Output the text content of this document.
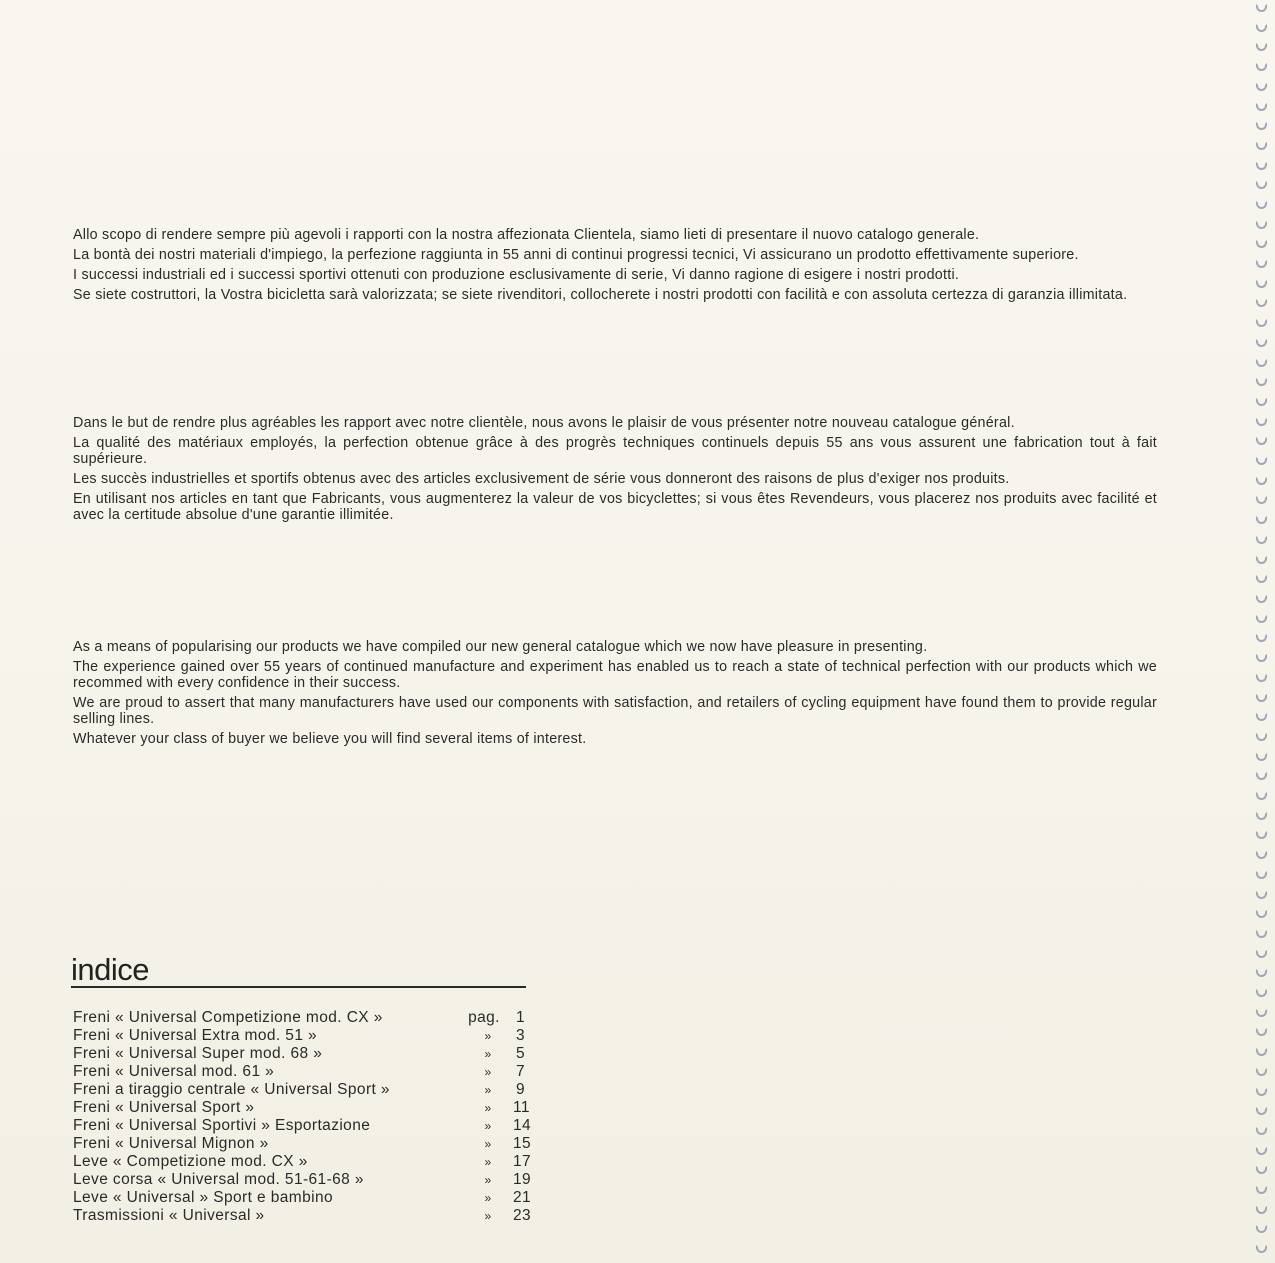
Allo scopo di rendere sempre più agevoli i rapporti con la nostra affezionata Clientela, siamo lieti di presentare il nuovo catalogo generale.

La bontà dei nostri materiali d'impiego, la perfezione raggiunta in 55 anni di continui progressi tecnici, Vi assicurano un prodotto effettivamente superiore.

I successi industriali ed i successi sportivi ottenuti con produzione esclusivamente di serie, Vi danno ragione di esigere i nostri prodotti.

Se siete costruttori, la Vostra bicicletta sarà valorizzata; se siete rivenditori, collocherete i nostri prodotti con facilità e con assoluta certezza di garanzia illimitata.

Dans le but de rendre plus agréables les rapport avec notre clientèle, nous avons le plaisir de vous présenter notre nouveau catalogue général.

La qualité des matériaux employés, la perfection obtenue grâce à des progrès techniques continuels depuis 55 ans vous assurent une fabrication tout à fait supérieure.

Les succès industrielles et sportifs obtenus avec des articles exclusivement de série vous donneront des raisons de plus d'exiger nos produits.

En utilisant nos articles en tant que Fabricants, vous augmenterez la valeur de vos bicyclettes; si vous êtes Revendeurs, vous placerez nos produits avec facilité et avec la certitude absolue d'une garantie illimitée.

As a means of popularising our products we have compiled our new general catalogue which we now have pleasure in presenting.

The experience gained over 55 years of continued manufacture and experiment has enabled us to reach a state of technical perfection with our products which we recommed with every confidence in their success.

We are proud to assert that many manufacturers have used our components with satisfaction, and retailers of cycling equipment have found them to provide regular selling lines.

Whatever your class of buyer we believe you will find several items of interest.

indice
Freni « Universal Competizione mod. CX »	pag.	1
Freni « Universal Extra mod. 51 »	»	3
Freni « Universal Super mod. 68 »	»	5
Freni « Universal mod. 61 »	»	7
Freni a tiraggio centrale « Universal Sport »	»	9
Freni « Universal Sport »	»	11
Freni « Universal Sportivi » Esportazione	»	14
Freni « Universal Mignon »	»	15
Leve « Competizione mod. CX »	»	17
Leve corsa « Universal mod. 51-61-68 »	»	19
Leve « Universal » Sport e bambino	»	21
Trasmissioni « Universal »	»	23
